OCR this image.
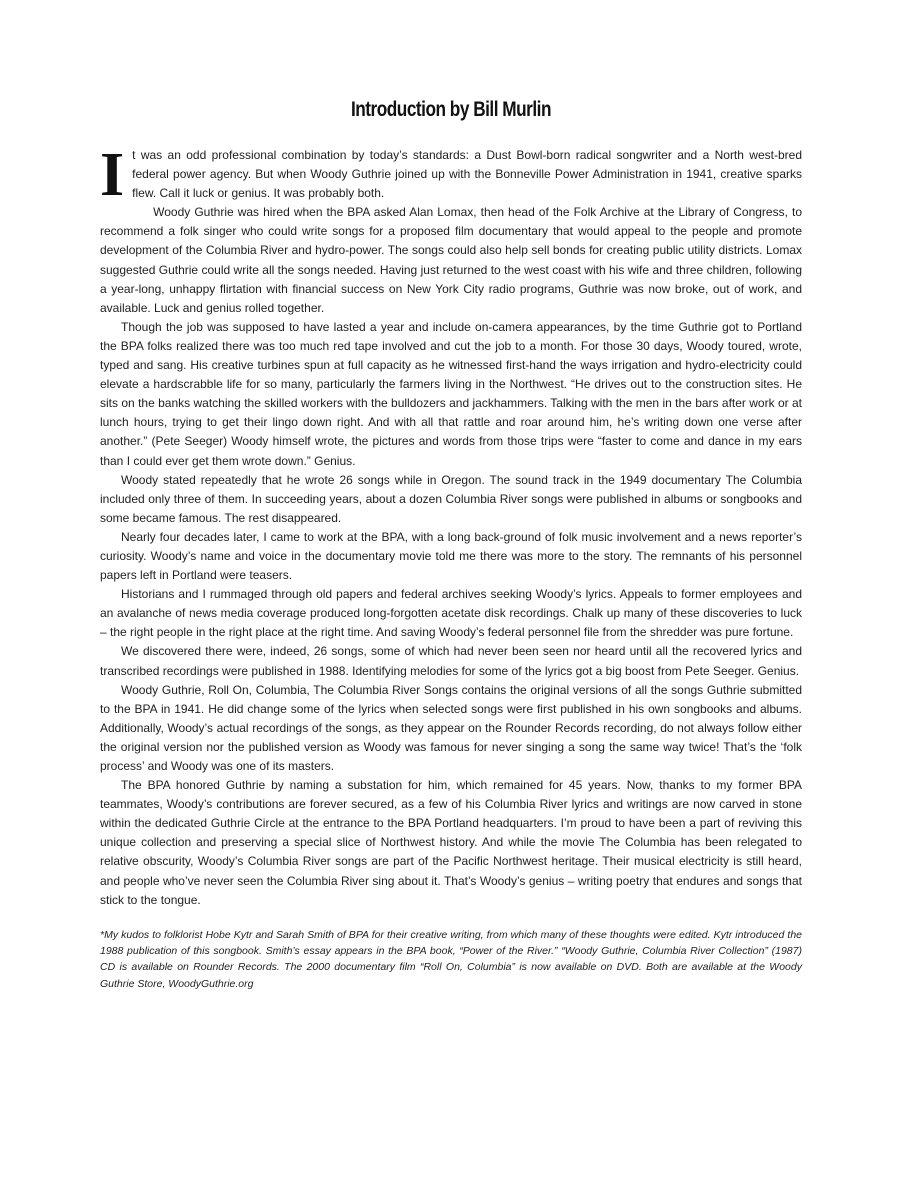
Introduction by Bill Murlin

It was an odd professional combination by today’s standards: a Dust Bowl-born radical songwriter and a North west-bred federal power agency. But when Woody Guthrie joined up with the Bonneville Power Administration in 1941, creative sparks flew. Call it luck or genius. It was probably both.

Woody Guthrie was hired when the BPA asked Alan Lomax, then head of the Folk Archive at the Library of Congress, to recommend a folk singer who could write songs for a proposed film documentary that would appeal to the people and promote development of the Columbia River and hydro-power. The songs could also help sell bonds for creating public utility districts. Lomax suggested Guthrie could write all the songs needed. Having just returned to the west coast with his wife and three children, following a year-long, unhappy flirtation with financial success on New York City radio programs, Guthrie was now broke, out of work, and available. Luck and genius rolled together.

Though the job was supposed to have lasted a year and include on-camera appearances, by the time Guthrie got to Portland the BPA folks realized there was too much red tape involved and cut the job to a month. For those 30 days, Woody toured, wrote, typed and sang. His creative turbines spun at full capacity as he witnessed first-hand the ways irrigation and hydro-electricity could elevate a hardscrabble life for so many, particularly the farmers living in the Northwest. “He drives out to the construction sites. He sits on the banks watching the skilled workers with the bulldozers and jackhammers. Talking with the men in the bars after work or at lunch hours, trying to get their lingo down right. And with all that rattle and roar around him, he’s writing down one verse after another.” (Pete Seeger) Woody himself wrote, the pictures and words from those trips were “faster to come and dance in my ears than I could ever get them wrote down.” Genius.

Woody stated repeatedly that he wrote 26 songs while in Oregon. The sound track in the 1949 documentary The Columbia included only three of them. In succeeding years, about a dozen Columbia River songs were published in albums or songbooks and some became famous. The rest disappeared.

Nearly four decades later, I came to work at the BPA, with a long back-ground of folk music involvement and a news reporter’s curiosity. Woody’s name and voice in the documentary movie told me there was more to the story. The remnants of his personnel papers left in Portland were teasers.

Historians and I rummaged through old papers and federal archives seeking Woody’s lyrics. Appeals to former employees and an avalanche of news media coverage produced long-forgotten acetate disk recordings. Chalk up many of these discoveries to luck – the right people in the right place at the right time. And saving Woody’s federal personnel file from the shredder was pure fortune.

We discovered there were, indeed, 26 songs, some of which had never been seen nor heard until all the recovered lyrics and transcribed recordings were published in 1988. Identifying melodies for some of the lyrics got a big boost from Pete Seeger. Genius.

Woody Guthrie, Roll On, Columbia, The Columbia River Songs contains the original versions of all the songs Guthrie submitted to the BPA in 1941. He did change some of the lyrics when selected songs were first published in his own songbooks and albums. Additionally, Woody’s actual recordings of the songs, as they appear on the Rounder Records recording, do not always follow either the original version nor the published version as Woody was famous for never singing a song the same way twice! That’s the ‘folk process’ and Woody was one of its masters.

The BPA honored Guthrie by naming a substation for him, which remained for 45 years. Now, thanks to my former BPA teammates, Woody’s contributions are forever secured, as a few of his Columbia River lyrics and writings are now carved in stone within the dedicated Guthrie Circle at the entrance to the BPA Portland headquarters. I’m proud to have been a part of reviving this unique collection and preserving a special slice of Northwest history. And while the movie The Columbia has been relegated to relative obscurity, Woody’s Columbia River songs are part of the Pacific Northwest heritage. Their musical electricity is still heard, and people who’ve never seen the Columbia River sing about it. That’s Woody’s genius – writing poetry that endures and songs that stick to the tongue.

*My kudos to folklorist Hobe Kytr and Sarah Smith of BPA for their creative writing, from which many of these thoughts were edited. Kytr introduced the 1988 publication of this songbook. Smith’s essay appears in the BPA book, “Power of the River.” “Woody Guthrie, Columbia River Collection” (1987) CD is available on Rounder Records. The 2000 documentary film “Roll On, Columbia” is now available on DVD. Both are available at the Woody Guthrie Store, WoodyGuthrie.org
